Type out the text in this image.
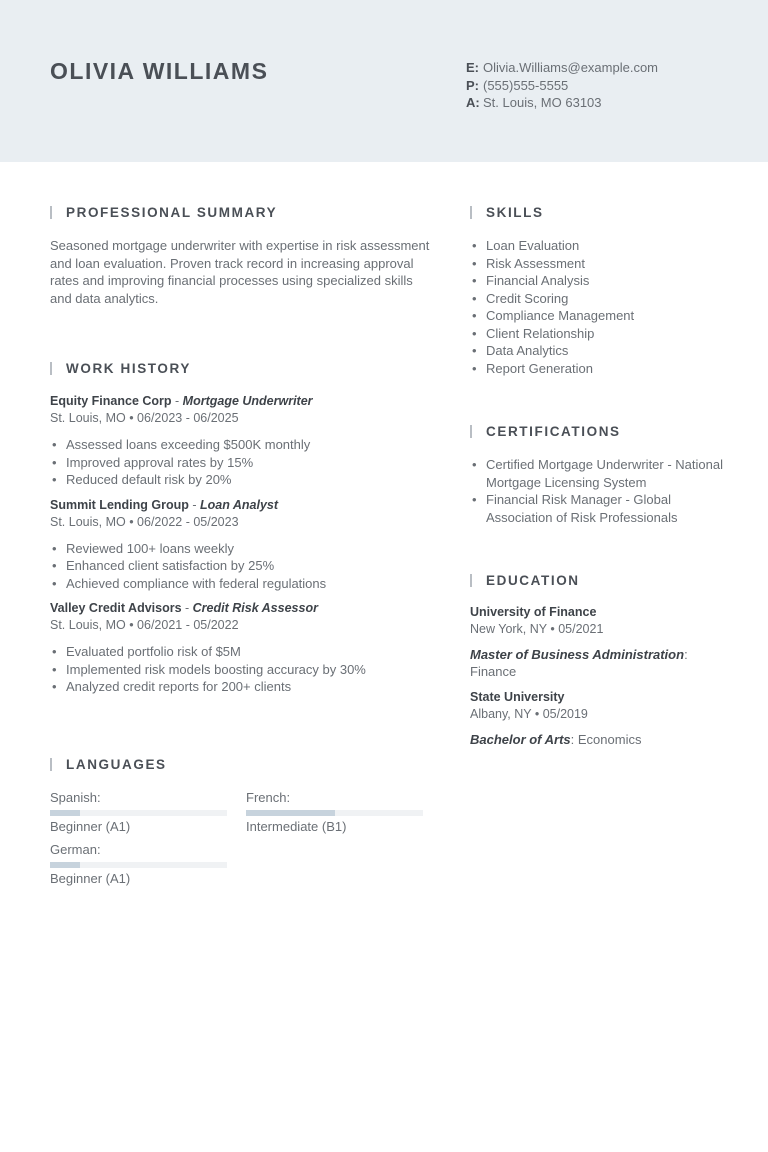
OLIVIA WILLIAMS	E: Olivia.Williams@example.com
P: (555)555-5555
A: St. Louis, MO 63103
PROFESSIONAL SUMMARY

Seasoned mortgage underwriter with expertise in risk assessment and loan evaluation. Proven track record in increasing approval rates and improving financial processes using specialized skills and data analytics.

WORK HISTORY
Equity Finance Corp - Mortgage Underwriter
St. Louis, MO • 06/2023 - 06/2025
• Assessed loans exceeding $500K monthly
• Improved approval rates by 15%
• Reduced default risk by 20%
Summit Lending Group - Loan Analyst
St. Louis, MO • 06/2022 - 05/2023
• Reviewed 100+ loans weekly
• Enhanced client satisfaction by 25%
• Achieved compliance with federal regulations
Valley Credit Advisors - Credit Risk Assessor
St. Louis, MO • 06/2021 - 05/2022
• Evaluated portfolio risk of $5M
• Implemented risk models boosting accuracy by 30%
• Analyzed credit reports for 200+ clients
LANGUAGES
Spanish:
Beginner (A1)
French:
Intermediate (B1)
German:
Beginner (A1)
SKILLS
• Loan Evaluation
• Risk Assessment
• Financial Analysis
• Credit Scoring
• Compliance Management
• Client Relationship
• Data Analytics
• Report Generation
CERTIFICATIONS
• Certified Mortgage Underwriter - National Mortgage Licensing System
• Financial Risk Manager - Global Association of Risk Professionals
EDUCATION
University of Finance
New York, NY • 05/2021
Master of Business Administration: Finance
State University
Albany, NY • 05/2019
Bachelor of Arts: Economics
